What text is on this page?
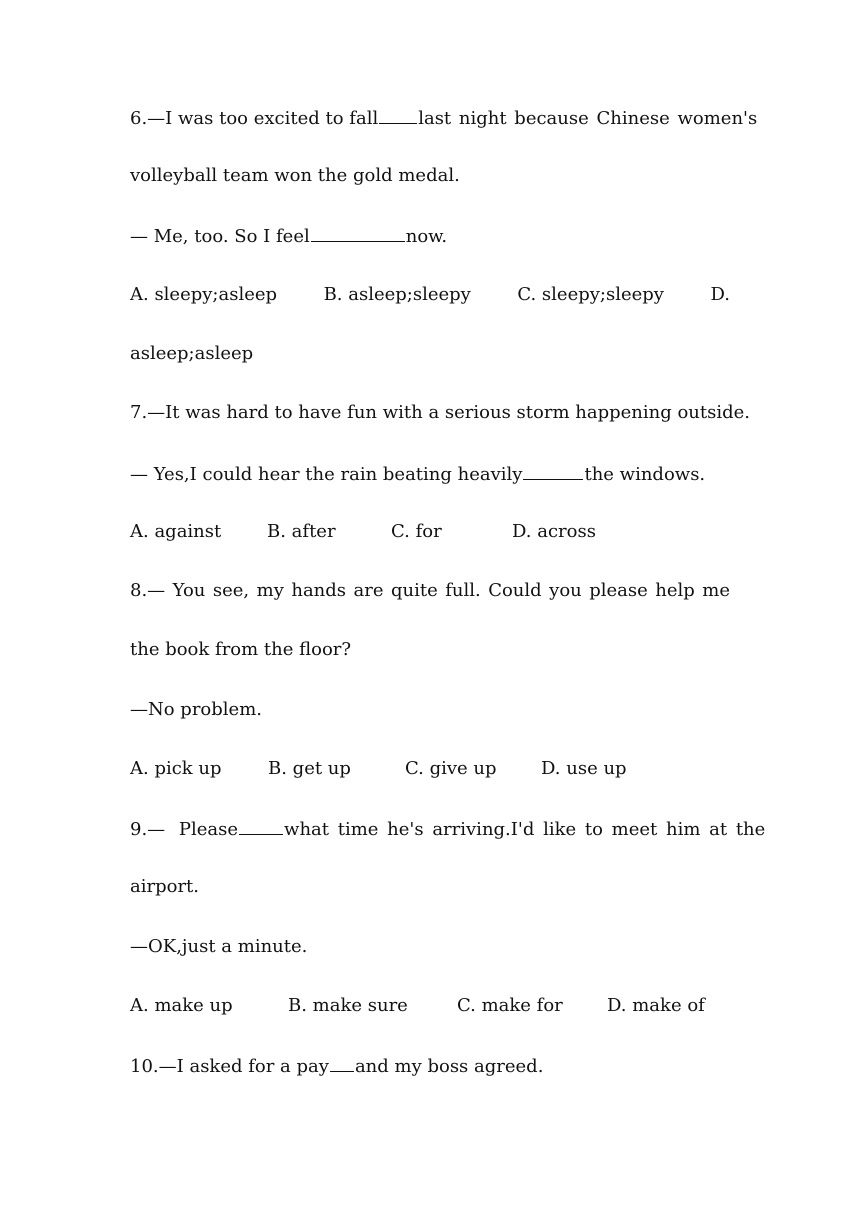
6.—I was too excited to fall last night because Chinese women's
volleyball team won the gold medal.
— Me, too. So I feel	now.
A. sleepy;asleep	B. asleep;sleepy	C. sleepy;sleepy	D.
asleep;asleep
7.—It was hard to have fun with a serious storm happening outside.
— Yes,I could hear the rain beating heavily	the windows.
A. against	B. after	C. for	D. across
8.— You see, my hands are quite full. Could you please help me
the book from the floor?
—No problem.
A. pick up	B. get up	C. give up	D. use up
9.— Please	what time he's arriving.I'd like to meet him at the
airport.
—OK,just a minute.
A. make up	B. make sure	C. make for	D. make of
10.—I asked for a pay and my boss agreed.
